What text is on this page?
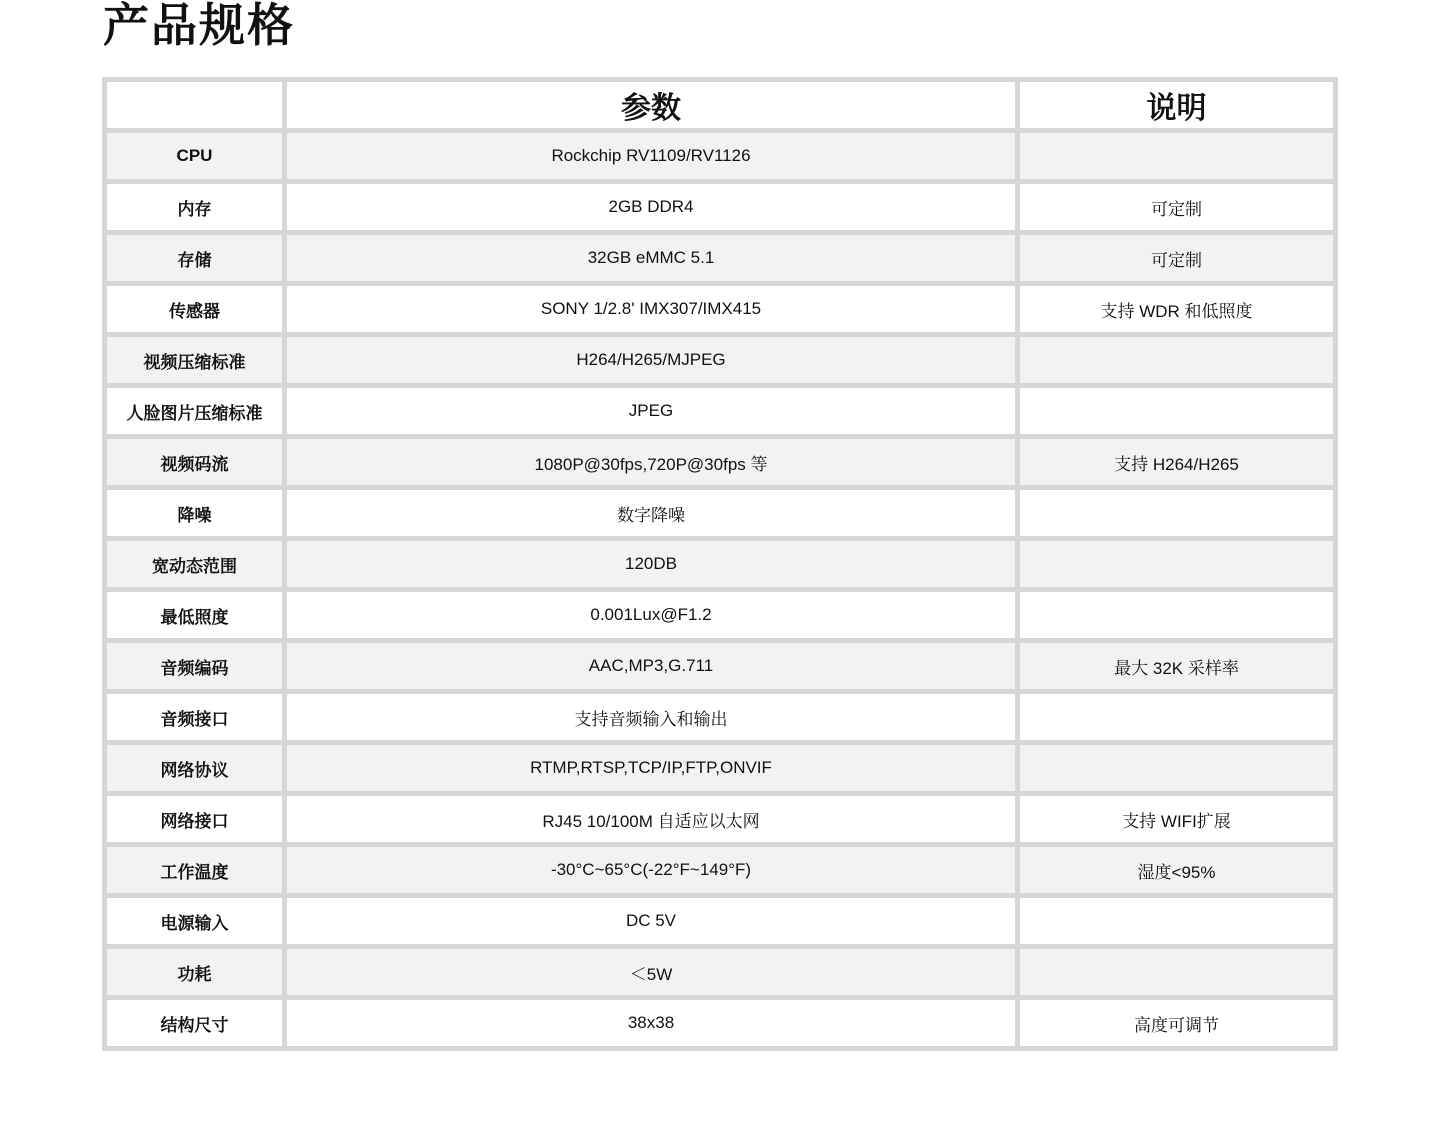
产品规格
	参数	说明
CPU	Rockchip RV1109/RV1126	
内存	2GB DDR4	可定制
存储	32GB eMMC 5.1	可定制
传感器	SONY 1/2.8' IMX307/IMX415	支持 WDR 和低照度
视频压缩标准	H264/H265/MJPEG	
人脸图片压缩标准	JPEG	
视频码流	1080P@30fps,720P@30fps 等	支持 H264/H265
降噪	数字降噪	
宽动态范围	120DB	
最低照度	0.001Lux@F1.2	
音频编码	AAC,MP3,G.711	最大 32K 采样率
音频接口	支持音频输入和输出	
网络协议	RTMP,RTSP,TCP/IP,FTP,ONVIF	
网络接口	RJ45 10/100M 自适应以太网	支持 WIFI扩展
工作温度	-30°C~65°C(-22°F~149°F)	湿度<95%
电源输入	DC 5V	
功耗	＜5W	
结构尺寸	38x38	高度可调节
